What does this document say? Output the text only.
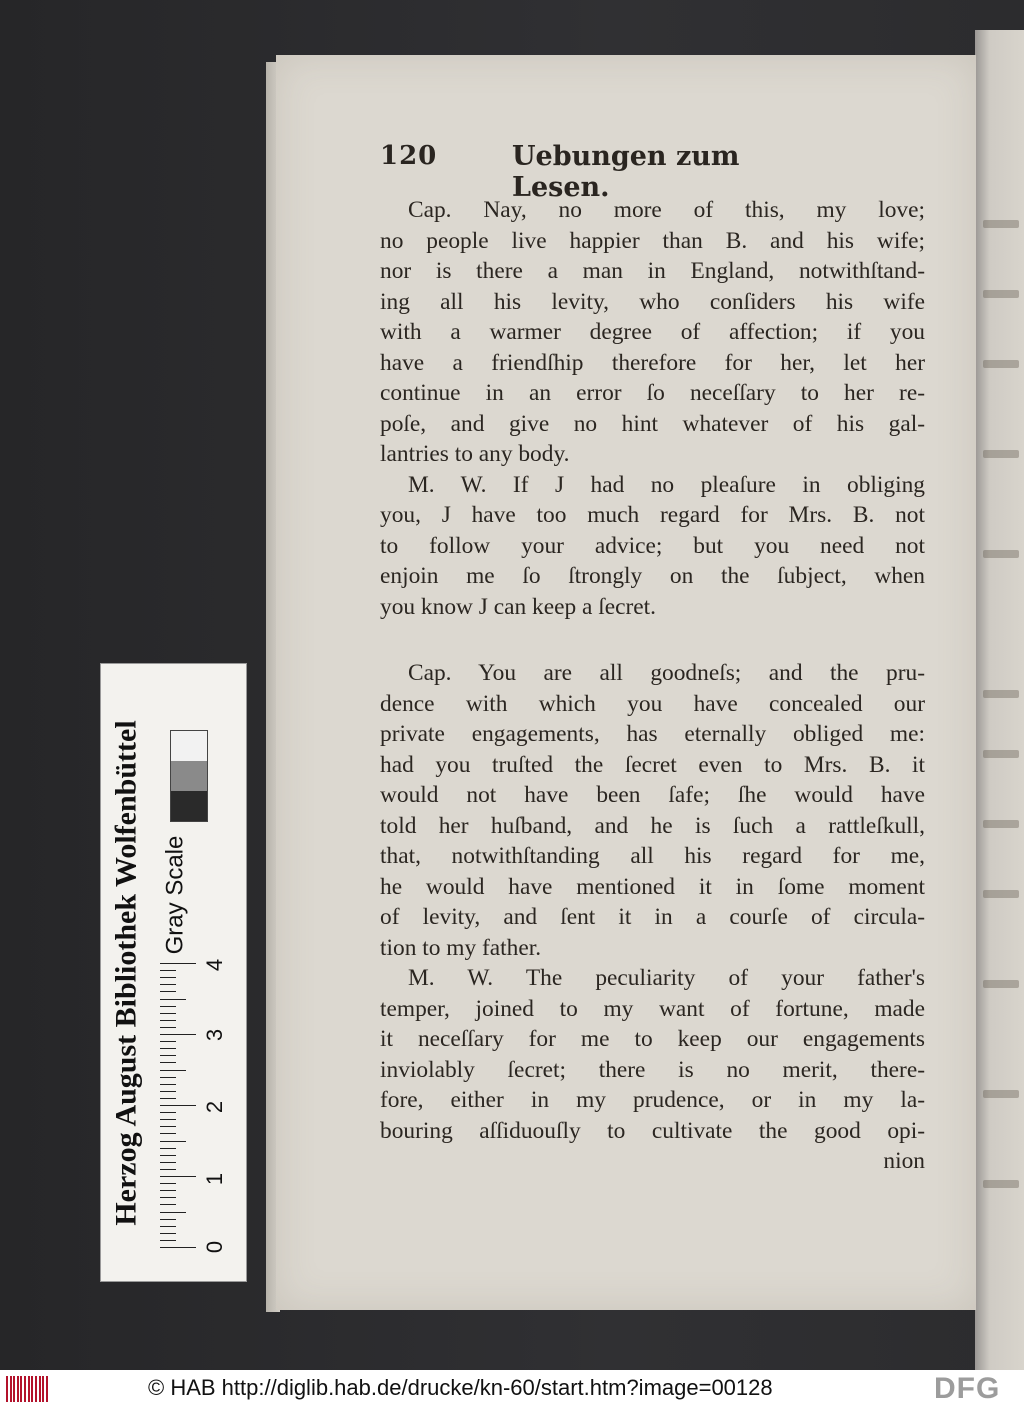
120	Uebungen zum Lesen.

Cap. Nay, no more of this, my love;
no people live happier than B. and his wife;
nor is there a man in England, notwithſtand-
ing all his levity, who conſiders his wife
with a warmer degree of affection; if you
have a friendſhip therefore for her, let her
continue in an error ſo neceſſary to her re-
poſe, and give no hint whatever of his gal-
lantries to any body.

M. W. If J had no pleaſure in obliging
you, J have too much regard for Mrs. B. not
to follow your advice; but you need not
enjoin me ſo ſtrongly on the ſubject, when
you know J can keep a ſecret.

Cap. You are all goodneſs; and the pru-
dence with which you have concealed our
private engagements, has eternally obliged me:
had you truſted the ſecret even to Mrs. B. it
would not have been ſafe; ſhe would have
told her huſband, and he is ſuch a rattleſkull,
that, notwithſtanding all his regard for me,
he would have mentioned it in ſome moment
of levity, and ſent it in a courſe of circula-
tion to my father.

M. W. The peculiarity of your father's
temper, joined to my want of fortune, made
it neceſſary for me to keep our engagements
inviolably ſecret; there is no merit, there-
fore, either in my prudence, or in my la-
bouring aſſiduouſly to cultivate the good opi-

nion
Herzog August Bibliothek Wolfenbüttel Gray Scale
0
1
2
3
4
© HAB http://diglib.hab.de/drucke/kn-60/start.htm?image=00128	DFG
